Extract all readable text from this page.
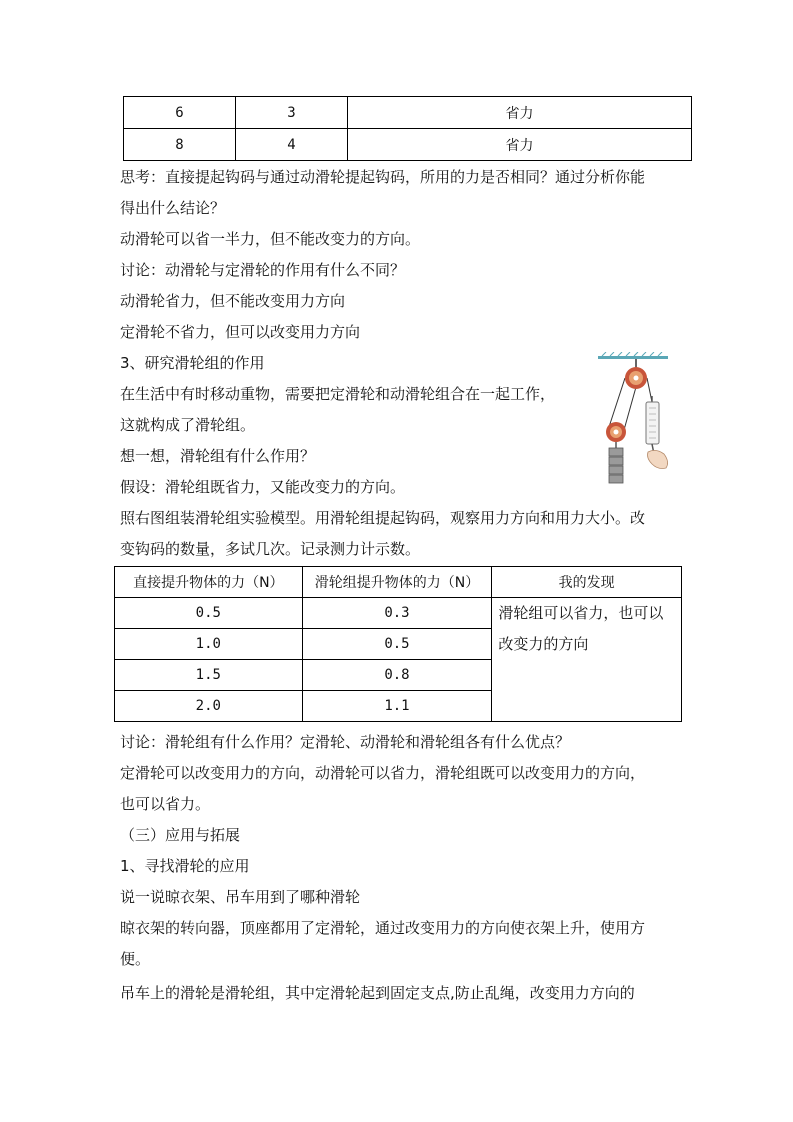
6	3	省力
8	4	省力
思考：直接提起钩码与通过动滑轮提起钩码，所用的力是否相同？通过分析你能
得出什么结论？
动滑轮可以省一半力，但不能改变力的方向。
讨论：动滑轮与定滑轮的作用有什么不同？
动滑轮省力，但不能改变用力方向
定滑轮不省力，但可以改变用力方向
3、研究滑轮组的作用
在生活中有时移动重物，需要把定滑轮和动滑轮组合在一起工作，
这就构成了滑轮组。
想一想，滑轮组有什么作用？
假设：滑轮组既省力，又能改变力的方向。
照右图组装滑轮组实验模型。用滑轮组提起钩码，观察用力方向和用力大小。改
变钩码的数量，多试几次。记录测力计示数。
直接提升物体的力（N）	滑轮组提升物体的力（N）	我的发现
0.5	0.3	滑轮组可以省力，也可以
改变力的方向
1.0	0.5	
1.5	0.8	
2.0	1.1	
讨论：滑轮组有什么作用？定滑轮、动滑轮和滑轮组各有什么优点？
定滑轮可以改变用力的方向，动滑轮可以省力，滑轮组既可以改变用力的方向，
也可以省力。
（三）应用与拓展
1、寻找滑轮的应用
说一说晾衣架、吊车用到了哪种滑轮
晾衣架的转向器，顶座都用了定滑轮，通过改变用力的方向使衣架上升，使用方
便。
吊车上的滑轮是滑轮组，其中定滑轮起到固定支点,防止乱绳，改变用力方向的
